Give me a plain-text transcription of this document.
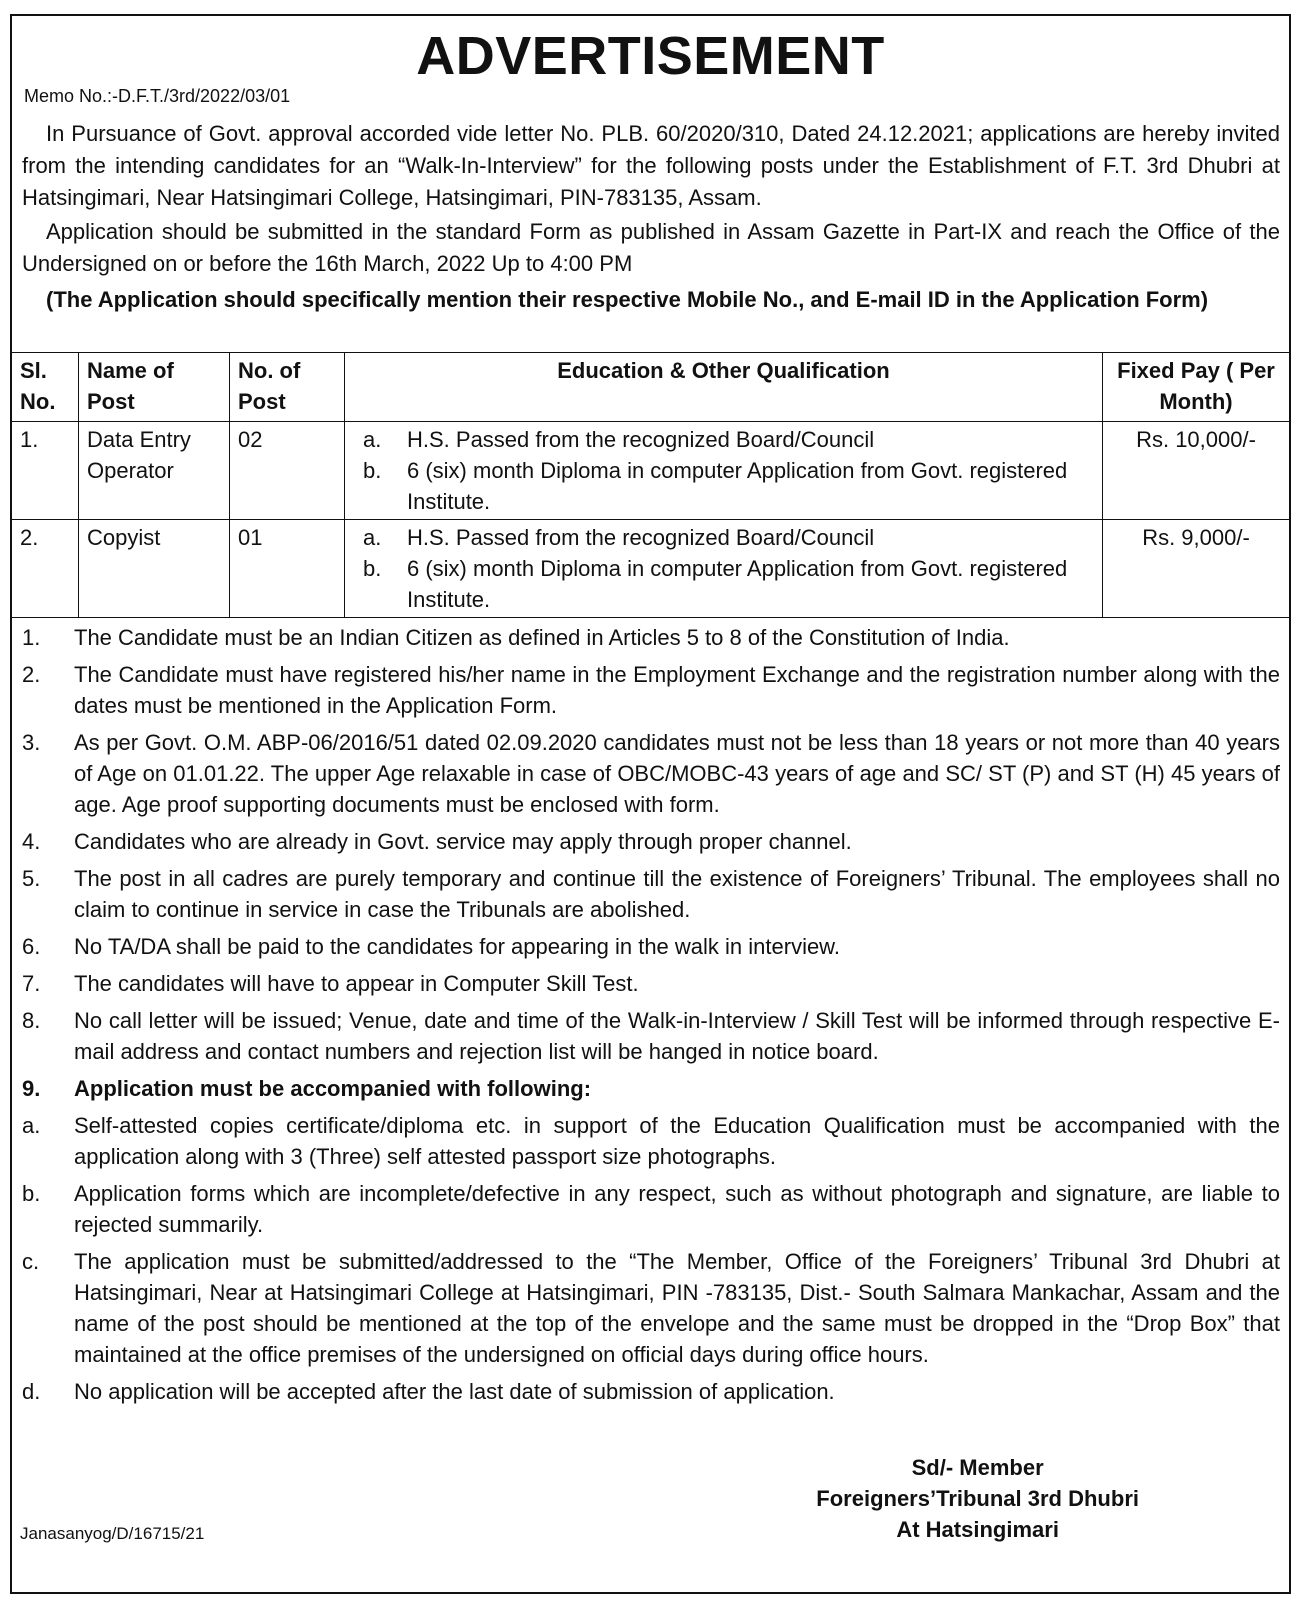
ADVERTISEMENT
Memo No.:-D.F.T./3rd/2022/03/01
In Pursuance of Govt. approval accorded vide letter No. PLB. 60/2020/310, Dated 24.12.2021; applications are hereby invited from the intending candidates for an “Walk-In-Interview” for the following posts under the Establishment of F.T. 3rd Dhubri at Hatsingimari, Near Hatsingimari College, Hatsingimari, PIN-783135, Assam.
Application should be submitted in the standard Form as published in Assam Gazette in Part-IX and reach the Office of the Undersigned on or before the 16th March, 2022 Up to 4:00 PM
(The Application should specifically mention their respective Mobile No., and E-mail ID in the Application Form)
Sl. No.	Name of Post	No. of Post	Education & Other Qualification	Fixed Pay ( Per Month)
1.	Data Entry Operator	02	a. H.S. Passed from the recognized Board/Council
b. 6 (six) month Diploma in computer Application from Govt. registered Institute.	Rs. 10,000/-
2.	Copyist	01	a. H.S. Passed from the recognized Board/Council
b. 6 (six) month Diploma in computer Application from Govt. registered Institute.	Rs. 9,000/-
1.	The Candidate must be an Indian Citizen as defined in Articles 5 to 8 of the Constitution of India.
2.	The Candidate must have registered his/her name in the Employment Exchange and the registration number along with the dates must be mentioned in the Application Form.
3.	As per Govt. O.M. ABP-06/2016/51 dated 02.09.2020 candidates must not be less than 18 years or not more than 40 years of Age on 01.01.22. The upper Age relaxable in case of OBC/MOBC-43 years of age and SC/ ST (P) and ST (H) 45 years of age. Age proof supporting documents must be enclosed with form.
4.	Candidates who are already in Govt. service may apply through proper channel.
5.	The post in all cadres are purely temporary and continue till the existence of Foreigners’ Tribunal. The employees shall no claim to continue in service in case the Tribunals are abolished.
6.	No TA/DA shall be paid to the candidates for appearing in the walk in interview.
7.	The candidates will have to appear in Computer Skill Test.
8.	No call letter will be issued; Venue, date and time of the Walk-in-Interview / Skill Test will be informed through respective E-mail address and contact numbers and rejection list will be hanged in notice board.
9.	Application must be accompanied with following:
a.	Self-attested copies certificate/diploma etc. in support of the Education Qualification must be accompanied with the application along with 3 (Three) self attested passport size photographs.
b.	Application forms which are incomplete/defective in any respect, such as without photograph and signature, are liable to rejected summarily.
c.	The application must be submitted/addressed to the “The Member, Office of the Foreigners’ Tribunal 3rd Dhubri at Hatsingimari, Near at Hatsingimari College at Hatsingimari, PIN -783135, Dist.- South Salmara Mankachar, Assam and the name of the post should be mentioned at the top of the envelope and the same must be dropped in the “Drop Box” that maintained at the office premises of the undersigned on official days during office hours.
d.	No application will be accepted after the last date of submission of application.
Sd/- Member
Foreigners’Tribunal 3rd Dhubri
At Hatsingimari
Janasanyog/D/16715/21
